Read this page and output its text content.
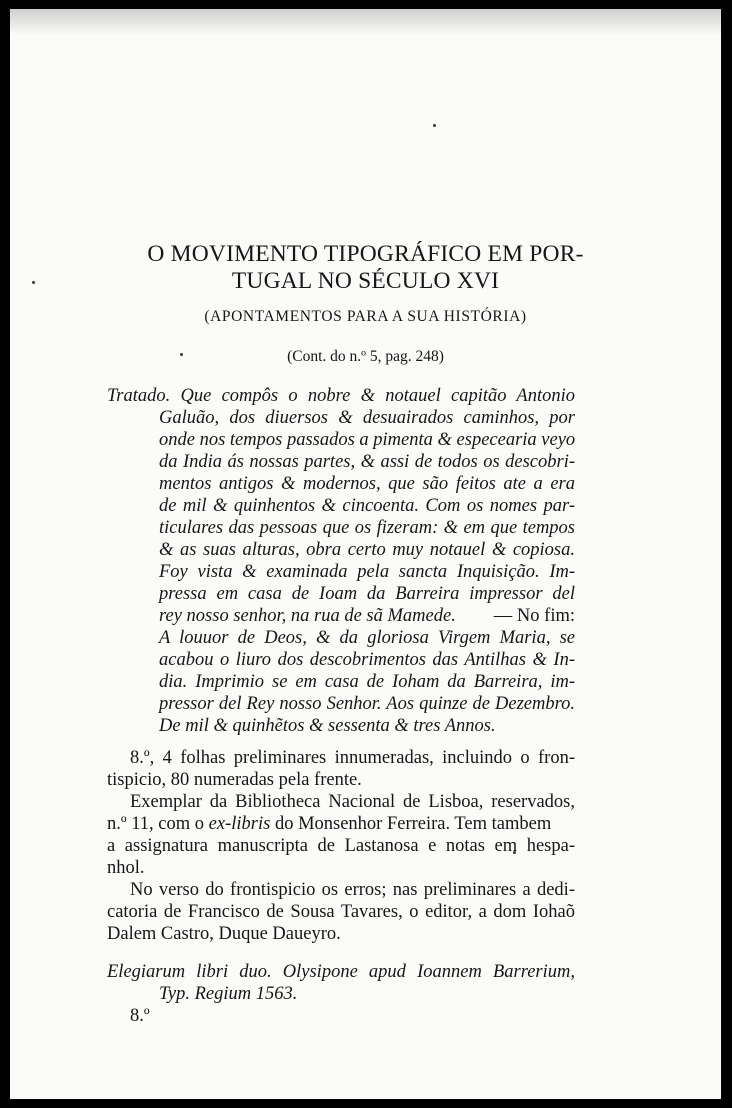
O MOVIMENTO TIPOGRÁFICO EM POR-
TUGAL NO SÉCULO XVI
(APONTAMENTOS PARA A SUA HISTÓRIA)
(Cont. do n.º 5, pag. 248)
Tratado. Que compôs o nobre & notauel capitão Antonio
Galuão, dos diuersos & desuairados caminhos, por
onde nos tempos passados a pimenta & especearia veyo
da India ás nossas partes, & assi de todos os descobri-
mentos antigos & modernos, que são feitos ate a era
de mil & quinhentos & cincoenta. Com os nomes par-
ticulares das pessoas que os fizeram: & em que tempos
& as suas alturas, obra certo muy notauel & copiosa.
Foy vista & examinada pela sancta Inquisição. Im-
pressa em casa de Ioam da Barreira impressor del
rey nosso senhor, na rua de sã Mamede. — No fim:
A louuor de Deos, & da gloriosa Virgem Maria, se
acabou o liuro dos descobrimentos das Antilhas & In-
dia. Imprimio se em casa de Ioham da Barreira, im-
pressor del Rey nosso Senhor. Aos quinze de Dezembro.
De mil & quinhẽtos & sessenta & tres Annos.
8.º, 4 folhas preliminares innumeradas, incluindo o fron-
tispicio, 80 numeradas pela frente.
Exemplar da Bibliotheca Nacional de Lisboa, reservados,
n.º 11, com o ex-libris do Monsenhor Ferreira. Tem tambem
a assignatura manuscripta de Lastanosa e notas em hespa-
nhol.
No verso do frontispicio os erros; nas preliminares a dedi-
catoria de Francisco de Sousa Tavares, o editor, a dom Iohaõ
Dalem Castro, Duque Daueyro.
Elegiarum libri duo. Olysipone apud Ioannem Barrerium,
Typ. Regium 1563.
8.º
